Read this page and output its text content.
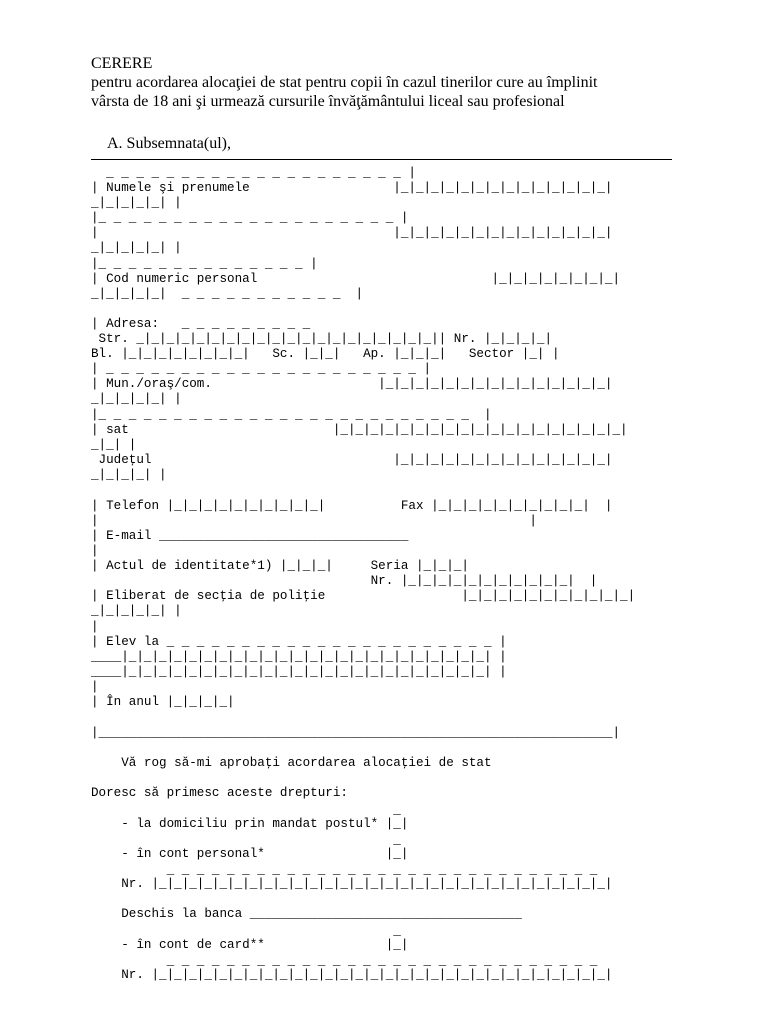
CERERE
pentru acordarea alocaţiei de stat pentru copii în cazul tinerilor cure au împlinit
vârsta de 18 ani şi urmează cursurile învăţământului liceal sau profesional
A. Subsemnata(ul),
_ _ _ _ _ _ _ _ _ _ _ _ _ _ _ _ _ _ _ _ |
| Numele şi prenumele                   |_|_|_|_|_|_|_|_|_|_|_|_|_|_|
_|_|_|_|_| |
|_ _ _ _ _ _ _ _ _ _ _ _ _ _ _ _ _ _ _ _ |
|                                       |_|_|_|_|_|_|_|_|_|_|_|_|_|_|
_|_|_|_|_| |
|_ _ _ _ _ _ _ _ _ _ _ _ _ _ |
| Cod numeric personal                               |_|_|_|_|_|_|_|_|
_|_|_|_|_|  _ _ _ _ _ _ _ _ _ _ _  |
| Adresa:   _ _ _ _ _ _ _ _ _
Str. _|_|_|_|_|_|_|_|_|_|_|_|_|_|_|_|_|_|_|_|| Nr. |_|_|_|_|
Bl. |_|_|_|_|_|_|_|_|   Sc. |_|_|   Ap. |_|_|_|   Sector |_| |
| _ _ _ _ _ _ _ _ _ _ _ _ _ _ _ _ _ _ _ _ _ |
| Mun./oraş/com.                      |_|_|_|_|_|_|_|_|_|_|_|_|_|_|_|
_|_|_|_|_| |
|_ _ _ _ _ _ _ _ _ _ _ _ _ _ _ _ _ _ _ _ _ _ _ _ _  |
| sat                           |_|_|_|_|_|_|_|_|_|_|_|_|_|_|_|_|_|_|_|
_|_| |
Judeţul                                |_|_|_|_|_|_|_|_|_|_|_|_|_|_|
_|_|_|_| |
| Telefon |_|_|_|_|_|_|_|_|_|_|          Fax |_|_|_|_|_|_|_|_|_|_|  |
|                                                         |
| E-mail _________________________________
|
| Actul de identitate*1) |_|_|_|     Seria |_|_|_|
Nr. |_|_|_|_|_|_|_|_|_|_|_|  |
| Eliberat de secţia de poliţie                  |_|_|_|_|_|_|_|_|_|_|_|
_|_|_|_|_| |
|
| Elev la _ _ _ _ _ _ _ _ _ _ _ _ _ _ _ _ _ _ _ _ _ _ |
____|_|_|_|_|_|_|_|_|_|_|_|_|_|_|_|_|_|_|_|_|_|_|_|_| |
____|_|_|_|_|_|_|_|_|_|_|_|_|_|_|_|_|_|_|_|_|_|_|_|_| |
|
| În anul |_|_|_|_|
|____________________________________________________________________|
Vă rog să-mi aprobaţi acordarea alocaţiei de stat
Doresc să primesc aceste drepturi:
_
- la domiciliu prin mandat postul* |_|
_
- în cont personal*                |_|
_ _ _ _ _ _ _ _ _ _ _ _ _ _ _ _ _ _ _ _ _ _ _ _ _ _ _ _ _
Nr. |_|_|_|_|_|_|_|_|_|_|_|_|_|_|_|_|_|_|_|_|_|_|_|_|_|_|_|_|_|_|
Deschis la banca ____________________________________
_
- în cont de card**                |_|
_ _ _ _ _ _ _ _ _ _ _ _ _ _ _ _ _ _ _ _ _ _ _ _ _ _ _ _ _
Nr. |_|_|_|_|_|_|_|_|_|_|_|_|_|_|_|_|_|_|_|_|_|_|_|_|_|_|_|_|_|_|
